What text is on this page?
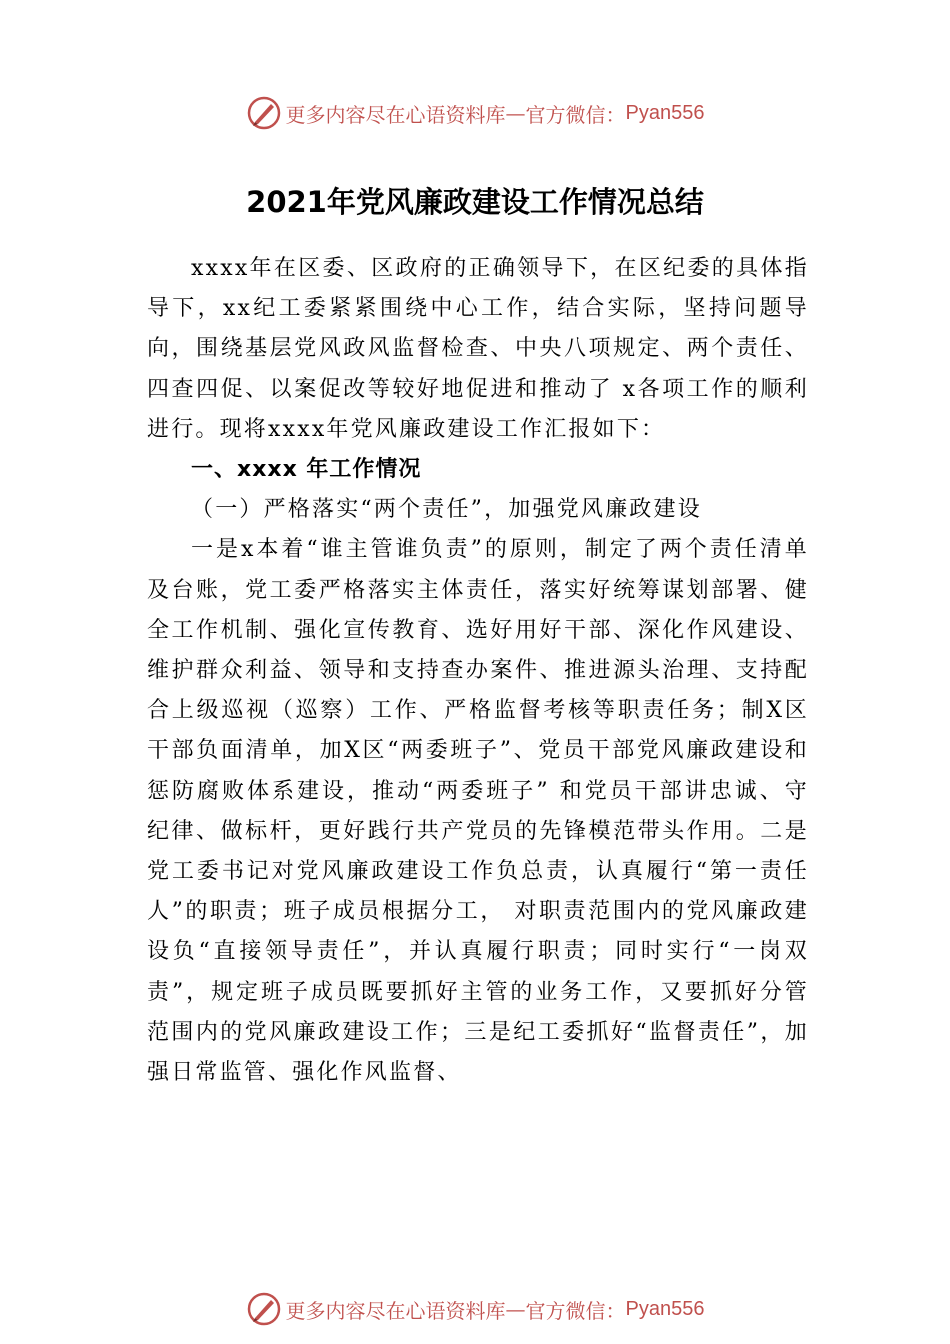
更多内容尽在心语资料库 — 官方微信： Pyan556
2021年党风廉政建设工作情况总结

xxxx年在区委、区政府的正确领导下，在区纪委的具体指导下，xx纪工委紧紧围绕中心工作，结合实际，坚持问题导向，围绕基层党风政风监督检查、中央八项规定、两个责任、四查四促、以案促改等较好地促进和推动了 x各项工作的顺利进行。现将xxxx年党风廉政建设工作汇报如下：

一、xxxx 年工作情况

（一）严格落实“两个责任”，加强党风廉政建设

一是x本着“谁主管谁负责”的原则，制定了两个责任清单及台账，党工委严格落实主体责任，落实好统筹谋划部署、健全工作机制、强化宣传教育、选好用好干部、深化作风建设、维护群众利益、领导和支持查办案件、推进源头治理、支持配合上级巡视（巡察）工作、严格监督考核等职责任务；制X区干部负面清单，加X区“两委班子”、党员干部党风廉政建设和惩防腐败体系建设，推动“两委班子” 和党员干部讲忠诚、守纪律、做标杆，更好践行共产党员的先锋模范带头作用。二是党工委书记对党风廉政建设工作负总责，认真履行“第一责任人”的职责；班子成员根据分工， 对职责范围内的党风廉政建设负“直接领导责任”，并认真履行职责；同时实行“一岗双责”，规定班子成员既要抓好主管的业务工作，又要抓好分管范围内的党风廉政建设工作；三是纪工委抓好“监督责任”，加强日常监管、强化作风监督、

更多内容尽在心语资料库 — 官方微信： Pyan556
